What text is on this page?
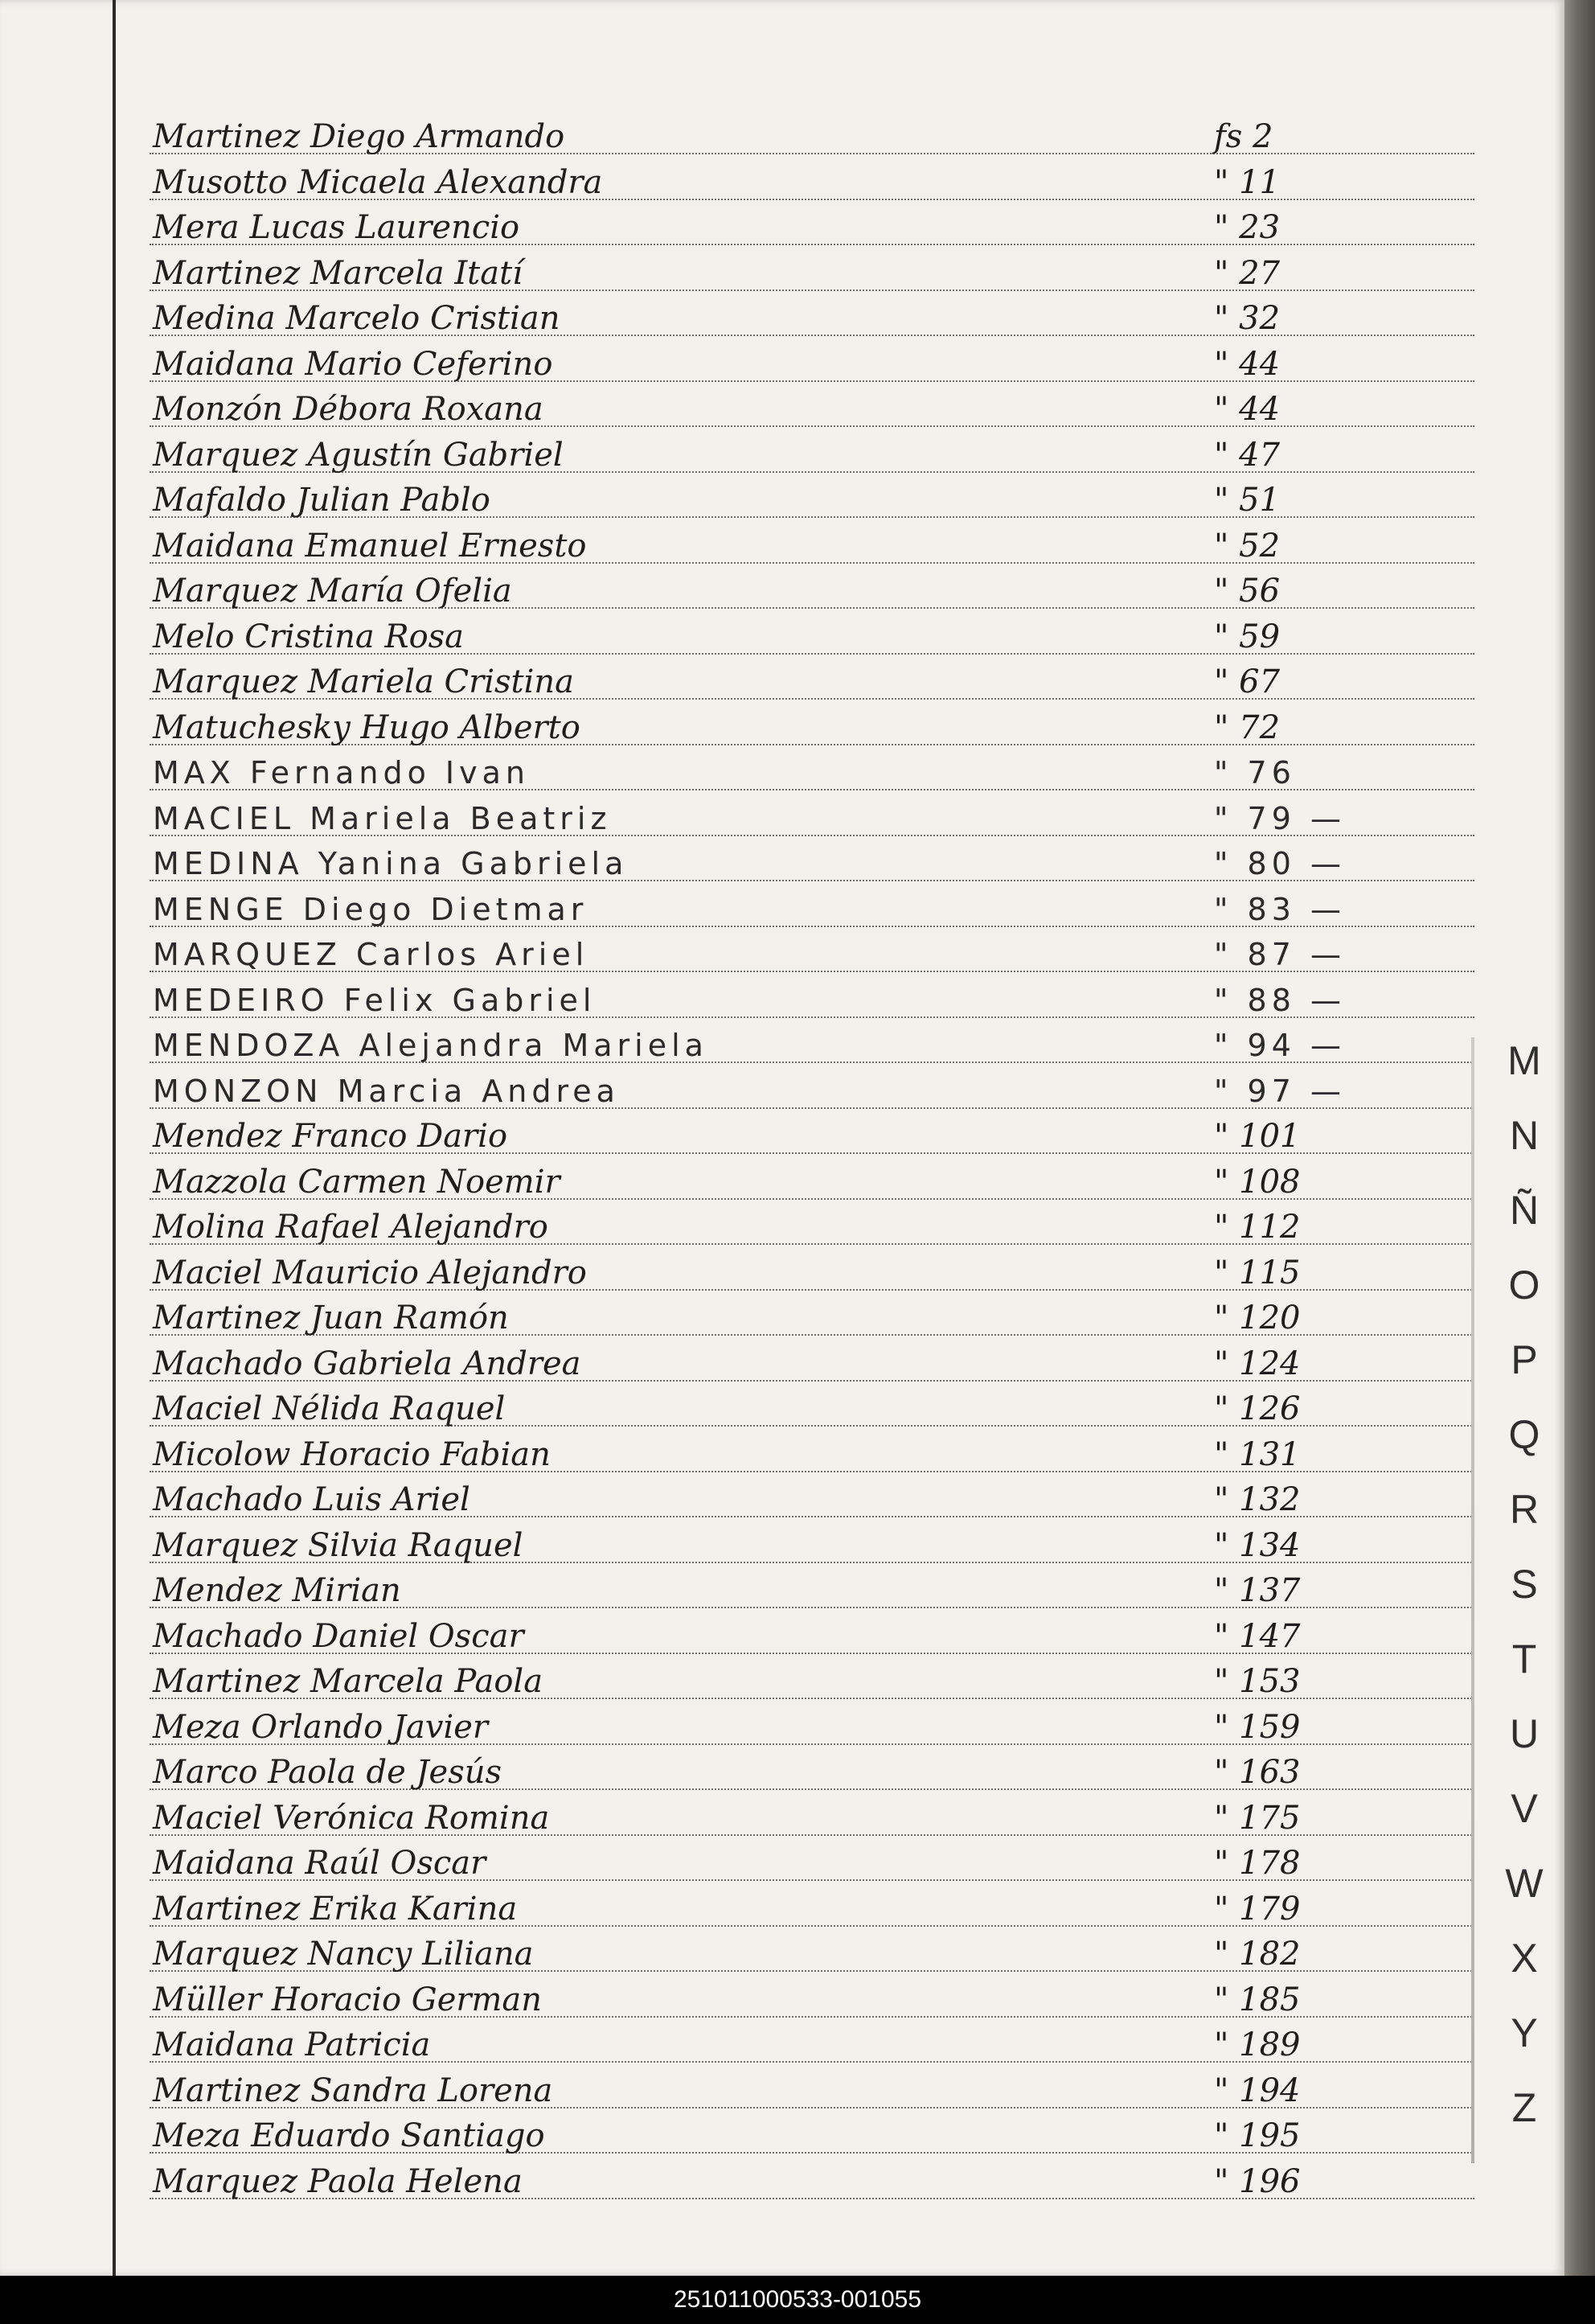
Martinez Diego Armando	fs 2
Musotto Micaela Alexandra	" 11
Mera Lucas Laurencio	" 23
Martinez Marcela Itatí	" 27
Medina Marcelo Cristian	" 32
Maidana Mario Ceferino	" 44
Monzón Débora Roxana	" 44
Marquez Agustín Gabriel	" 47
Mafaldo Julian Pablo	" 51
Maidana Emanuel Ernesto	" 52
Marquez María Ofelia	" 56
Melo Cristina Rosa	" 59
Marquez Mariela Cristina	" 67
Matuchesky Hugo Alberto	" 72
MAX Fernando Ivan	" 76
MACIEL Mariela Beatriz	" 79 —
MEDINA Yanina Gabriela	" 80 —
MENGE Diego Dietmar	" 83 —
MARQUEZ Carlos Ariel	" 87 —
MEDEIRO Felix Gabriel	" 88 —
MENDOZA Alejandra Mariela	" 94 —
MONZON Marcia Andrea	" 97 —
Mendez Franco Dario	" 101
Mazzola Carmen Noemir	" 108
Molina Rafael Alejandro	" 112
Maciel Mauricio Alejandro	" 115
Martinez Juan Ramón	" 120
Machado Gabriela Andrea	" 124
Maciel Nélida Raquel	" 126
Micolow Horacio Fabian	" 131
Machado Luis Ariel	" 132
Marquez Silvia Raquel	" 134
Mendez Mirian	" 137
Machado Daniel Oscar	" 147
Martinez Marcela Paola	" 153
Meza Orlando Javier	" 159
Marco Paola de Jesús	" 163
Maciel Verónica Romina	" 175
Maidana Raúl Oscar	" 178
Martinez Erika Karina	" 179
Marquez Nancy Liliana	" 182
Müller Horacio German	" 185
Maidana Patricia	" 189
Martinez Sandra Lorena	" 194
Meza Eduardo Santiago	" 195
Marquez Paola Helena	" 196
M
N
Ñ
O
P
Q
R
S
T
U
V
W
X
Y
Z
251011000533-001055
